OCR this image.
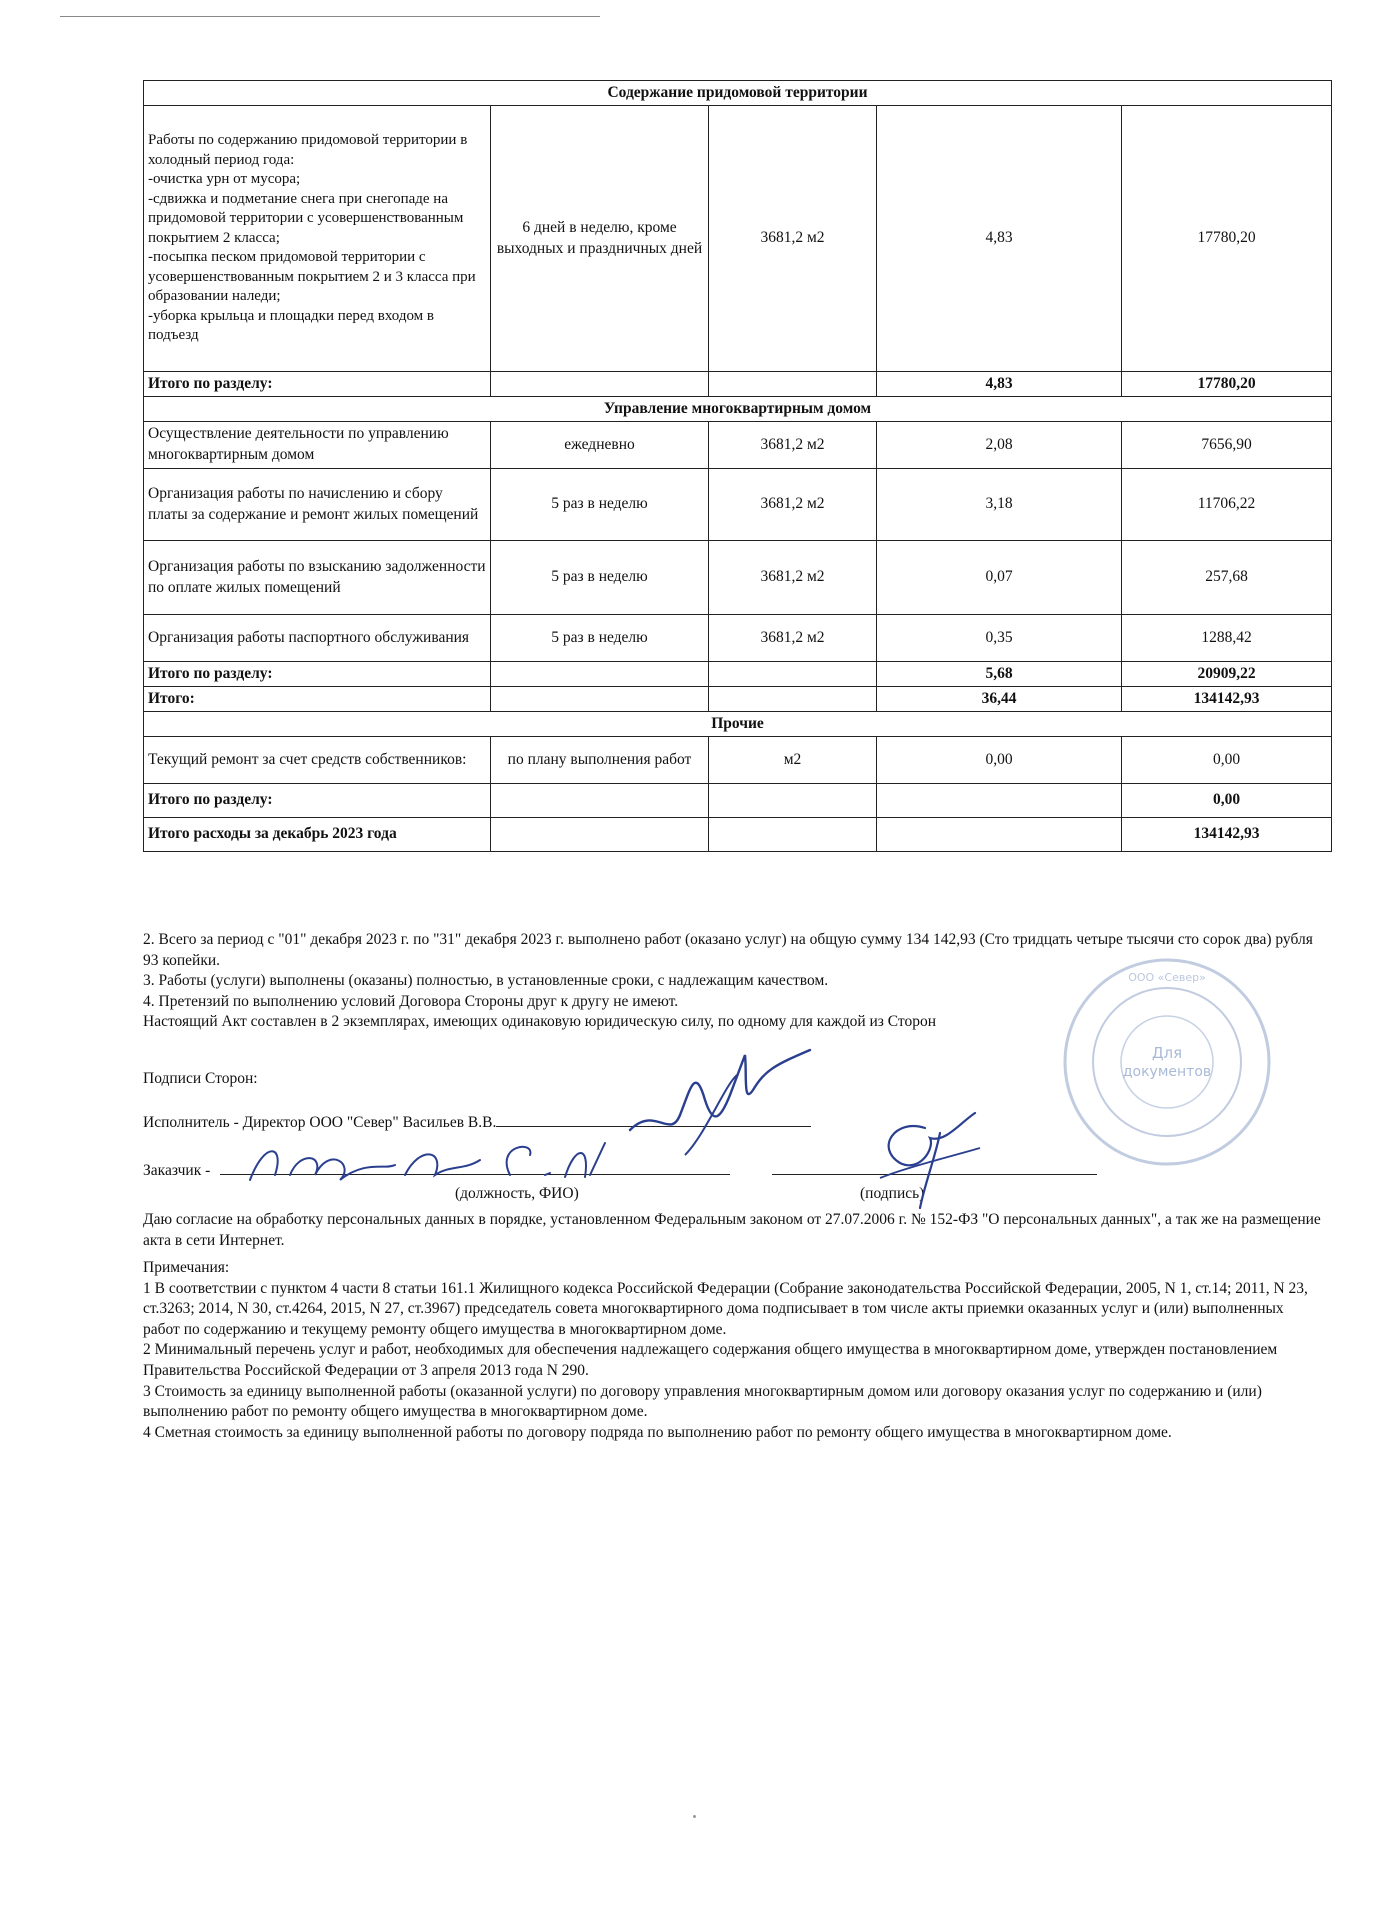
Содержание придомовой территории				
Работы по содержанию придомовой территории в холодный период года:
-очистка урн от мусора;
-сдвижка и подметание снега при снегопаде на придомовой территории с усовершенствованным покрытием 2 класса;
-посыпка песком придомовой территории с усовершенствованным покрытием 2 и 3 класса при образовании наледи;
-уборка крыльца и площадки перед входом в подъезд	6 дней в неделю, кроме выходных и праздничных дней	3681,2 м2	4,83	17780,20
Итого по разделу:			4,83	17780,20
Управление многоквартирным домом				
Осуществление деятельности по управлению многоквартирным домом	ежедневно	3681,2 м2	2,08	7656,90
Организация работы по начислению и сбору платы за содержание и ремонт жилых помещений	5 раз в неделю	3681,2 м2	3,18	11706,22
Организация работы по взысканию задолженности по оплате жилых помещений	5 раз в неделю	3681,2 м2	0,07	257,68
Организация работы паспортного обслуживания	5 раз в неделю	3681,2 м2	0,35	1288,42
Итого по разделу:			5,68	20909,22
Итого:			36,44	134142,93
Прочие				
Текущий ремонт за счет средств собственников:	по плану выполнения работ	м2	0,00	0,00
Итого по разделу:				0,00
Итого расходы за декабрь 2023 года				134142,93

2. Всего за период с "01" декабря 2023 г. по "31" декабря 2023 г. выполнено работ (оказано услуг) на общую сумму 134 142,93 (Сто тридцать четыре тысячи сто сорок два) рубля 93 копейки.

3. Работы (услуги) выполнены (оказаны) полностью, в установленные сроки, с надлежащим качеством.

4. Претензий по выполнению условий Договора Стороны друг к другу не имеют.

Настоящий Акт составлен в 2 экземплярах, имеющих одинаковую юридическую силу, по одному для каждой из Сторон

Подписи Сторон:
Исполнитель - Директор ООО "Север" Васильев В.В.
Заказчик -
(должность, ФИО)	(подпись)
Даю согласие на обработку персональных данных в порядке, установленном Федеральным законом от 27.07.2006 г. № 152-ФЗ "О персональных данных", а так же на размещение акта в сети Интернет.

Примечания:

1 В соответствии с пунктом 4 части 8 статьи 161.1 Жилищного кодекса Российской Федерации (Собрание законодательства Российской Федерации, 2005, N 1, ст.14; 2011, N 23, ст.3263; 2014, N 30, ст.4264, 2015, N 27, ст.3967) председатель совета многоквартирного дома подписывает в том числе акты приемки оказанных услуг и (или) выполненных работ по содержанию и текущему ремонту общего имущества в многоквартирном доме.

2 Минимальный перечень услуг и работ, необходимых для обеспечения надлежащего содержания общего имущества в многоквартирном доме, утвержден постановлением Правительства Российской Федерации от 3 апреля 2013 года N 290.

3 Стоимость за единицу выполненной работы (оказанной услуги) по договору управления многоквартирным домом или договору оказания услуг по содержанию и (или) выполнению работ по ремонту общего имущества в многоквартирном доме.

4 Сметная стоимость за единицу выполненной работы по договору подряда по выполнению работ по ремонту общего имущества в многоквартирном доме.

Для
документов
ООО «Север»
